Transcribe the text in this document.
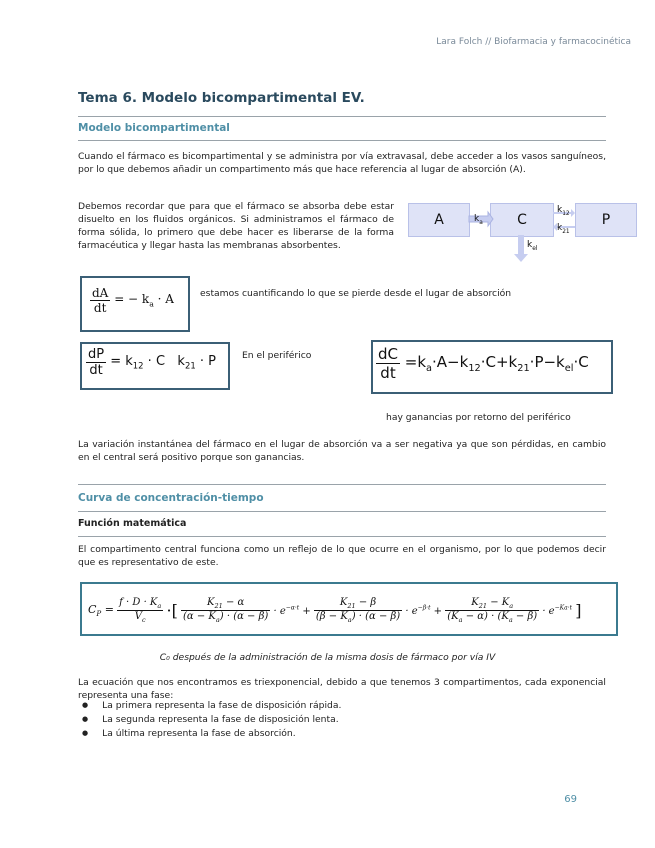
Lara Folch // Biofarmacia y farmacocinética
Tema 6. Modelo bicompartimental EV.
Modelo bicompartimental
Cuando el fármaco es bicompartimental y se administra por vía extravasal, debe acceder a los vasos sanguíneos, por lo que debemos añadir un compartimento más que hace referencia al lugar de absorción (A).
Debemos recordar que para que el fármaco se absorba debe estar disuelto en los fluidos orgánicos. Si administramos el fármaco de forma sólida, lo primero que debe hacer es liberarse de la forma farmacéutica y llegar hasta las membranas absorbentes.
A	C	P
$k_a$
$k_{12}$
$k_{21}$
$k_{el}$
$\frac{dA}{dt}$ = − $k_a \cdot A$	estamos cuantificando lo que se pierde desde el lugar de absorción
$\frac{dP}{dt} = k_{12} \cdot C$   $k_{21} \cdot P$	En el periférico	$\frac{dC}{dt} =k_a\cdot A-k_{12}\cdot C+k_{21}\cdot P-k_{el}\cdot C$
hay ganancias por retorno del periférico
La variación instantánea del fármaco en el lugar de absorción va a ser negativa ya que son pérdidas, en cambio en el central será positivo porque son ganancias.
Curva de concentración-tiempo
Función matemática
El compartimento central funciona como un reflejo de lo que ocurre en el organismo, por lo que podemos decir que es representativo de este.
$C_P = \frac{f \cdot D \cdot K_a}{V_c}$ ·[ $\frac{K_{21} - \alpha}{(\alpha - K_a) \cdot (\alpha - \beta)} \cdot e^{-\alpha\cdot t} + \frac{K_{21} - \beta}{(\beta - K_a) \cdot (\alpha - \beta)} \cdot e^{-\beta\cdot t} + \frac{K_{21} - K_a}{(K_a - \alpha) \cdot (K_a - \beta)} \cdot e^{-Ka\cdot t}$ ]
C₀ después de la administración de la misma dosis de fármaco por vía IV
La ecuación que nos encontramos es triexponencial, debido a que tenemos 3 compartimentos, cada exponencial representa una fase:
● La primera representa la fase de disposición rápida.
● La segunda representa la fase de disposición lenta.
● La última representa la fase de absorción.
69
